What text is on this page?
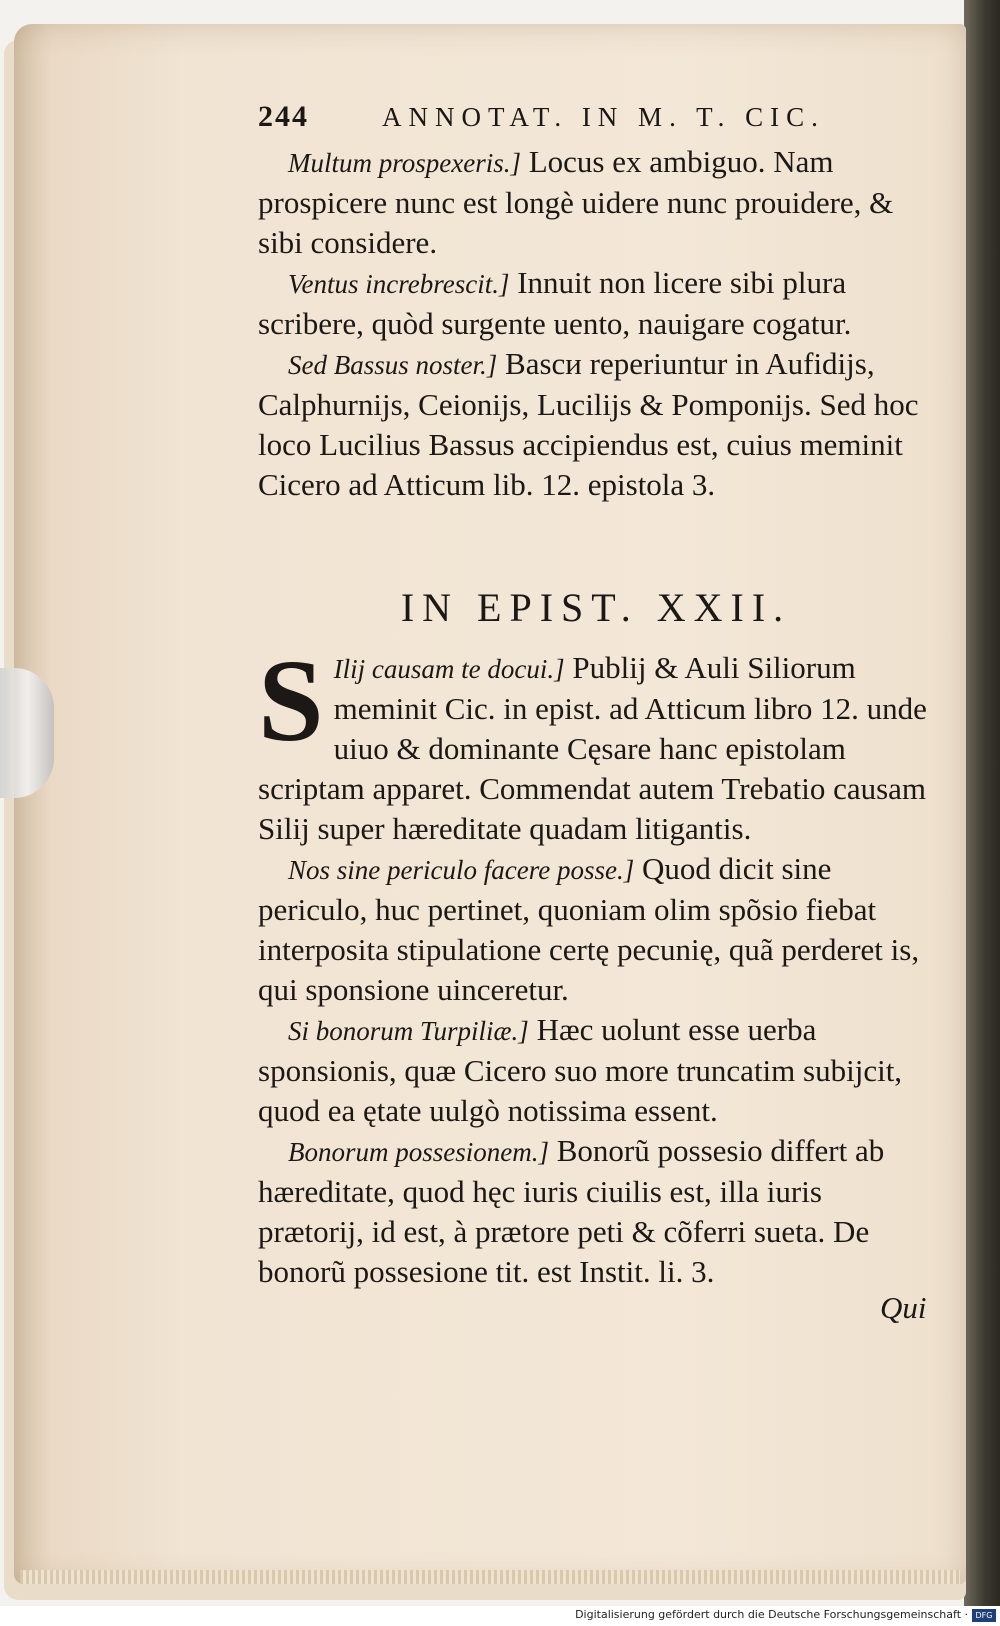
244	ANNOTAT. IN M. T. CIC.

Multum prospexeris.] Locus ex ambiguo. Nam prospicere nunc est longè uidere nunc prouidere, & sibi considere.

Ventus increbrescit.] Innuit non licere sibi plura scribere, quòd surgente uento, nauigare cogatur.

Sed Bassus noster.] Basси reperiuntur in Aufidijs, Calphurnijs, Ceionijs, Lucilijs & Pomponijs. Sed hoc loco Lucilius Bassus accipiendus est, cuius meminit Cicero ad Atticum lib. 12. epistola 3.

IN EPIST. XXII.

S Ilij causam te docui.] Publij & Auli Siliorum meminit Cic. in epist. ad Atticum libro 12. unde uiuo & dominante Cęsare hanc epistolam scriptam apparet. Commendat autem Trebatio causam Silij super hæreditate quadam litigantis.

Nos sine periculo facere posse.] Quod dicit sine periculo, huc pertinet, quoniam olim spõsio fiebat interposita stipulatione certę pecunię, quã perderet is, qui sponsione uinceretur.

Si bonorum Turpiliæ.] Hæc uolunt esse uerba sponsionis, quæ Cicero suo more truncatim subijcit, quod ea ętate uulgò notissima essent.

Bonorum possesionem.] Bonorũ possesio differt ab hæreditate, quod hęc iuris ciuilis est, illa iuris prætorij, id est, à prætore peti & cõferri sueta. De bonorũ possesione tit. est Instit. li. 3.

Qui
Digitalisierung gefördert durch die Deutsche Forschungsgemeinschaft · DFG
